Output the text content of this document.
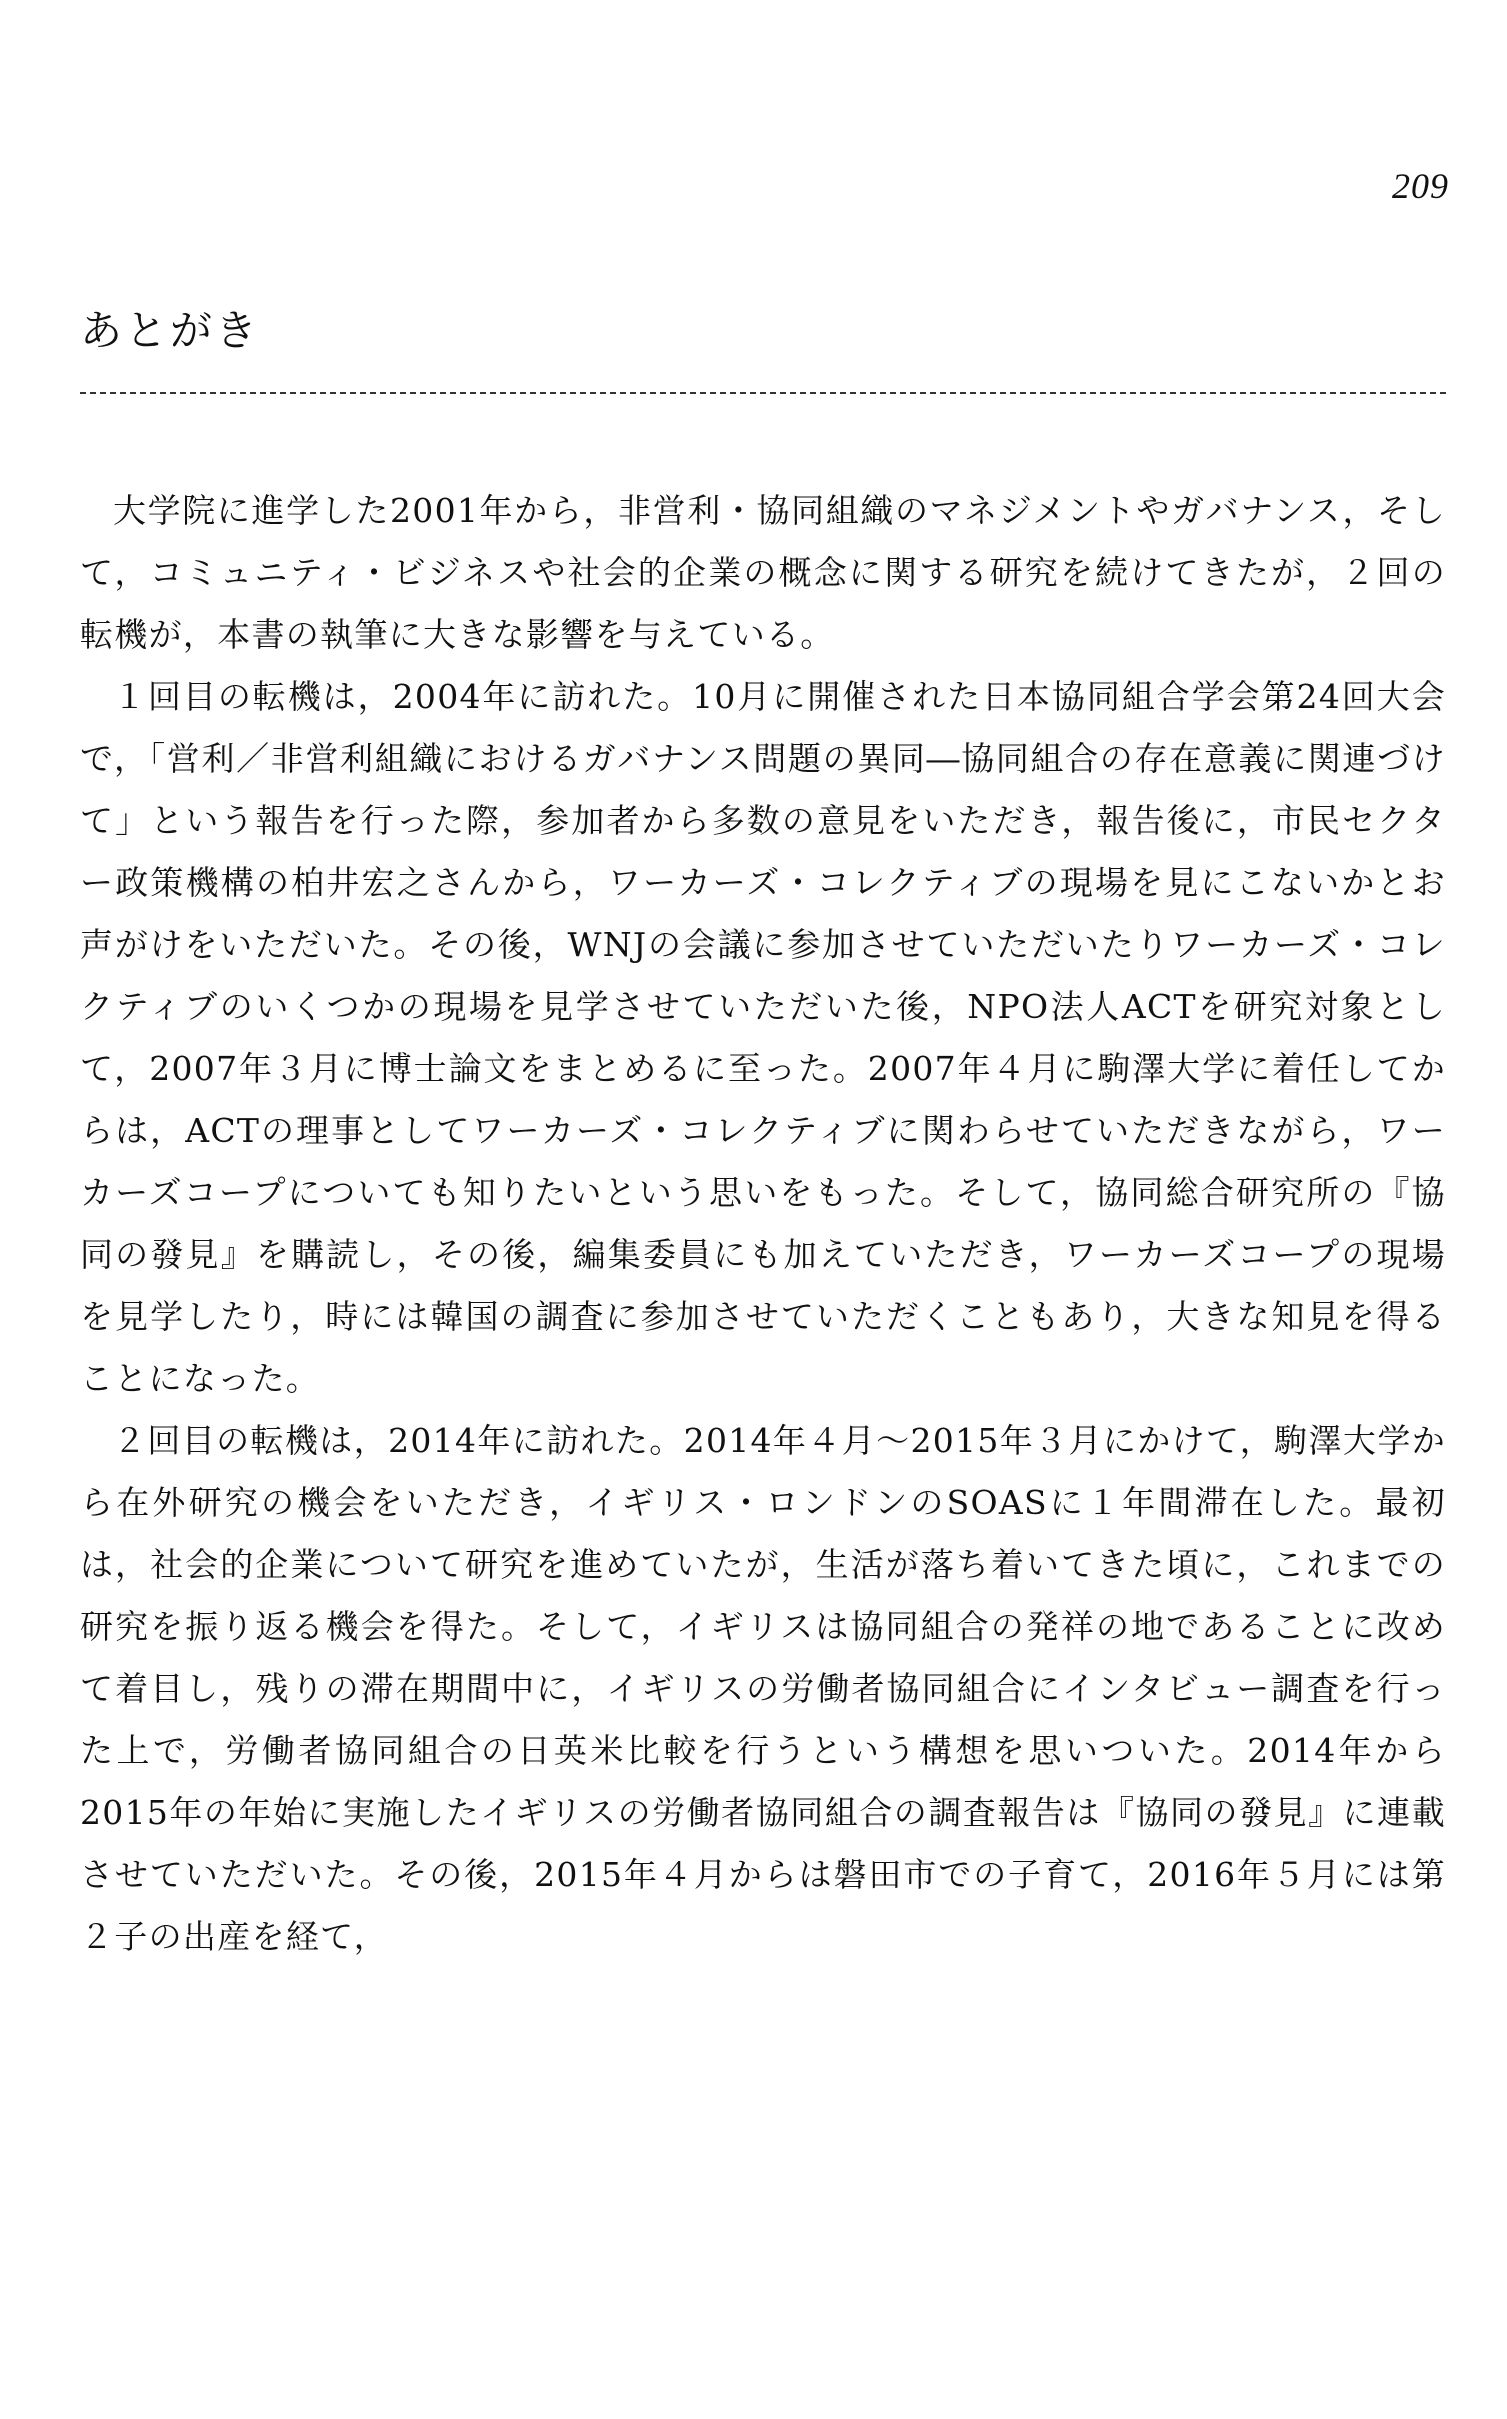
209
あとがき

大学院に進学した2001年から，非営利・協同組織のマネジメントやガバナンス，そして，コミュニティ・ビジネスや社会的企業の概念に関する研究を続けてきたが，２回の転機が，本書の執筆に大きな影響を与えている。

１回目の転機は，2004年に訪れた。10月に開催された日本協同組合学会第24回大会で，「営利／非営利組織におけるガバナンス問題の異同―協同組合の存在意義に関連づけて」という報告を行った際，参加者から多数の意見をいただき，報告後に，市民セクター政策機構の柏井宏之さんから，ワーカーズ・コレクティブの現場を見にこないかとお声がけをいただいた。その後，WNJの会議に参加させていただいたりワーカーズ・コレクティブのいくつかの現場を見学させていただいた後，NPO法人ACTを研究対象として，2007年３月に博士論文をまとめるに至った。2007年４月に駒澤大学に着任してからは，ACTの理事としてワーカーズ・コレクティブに関わらせていただきながら，ワーカーズコープについても知りたいという思いをもった。そして，協同総合研究所の『協同の發見』を購読し，その後，編集委員にも加えていただき，ワーカーズコープの現場を見学したり，時には韓国の調査に参加させていただくこともあり，大きな知見を得ることになった。

２回目の転機は，2014年に訪れた。2014年４月～2015年３月にかけて，駒澤大学から在外研究の機会をいただき，イギリス・ロンドンのSOASに１年間滞在した。最初は，社会的企業について研究を進めていたが，生活が落ち着いてきた頃に，これまでの研究を振り返る機会を得た。そして，イギリスは協同組合の発祥の地であることに改めて着目し，残りの滞在期間中に，イギリスの労働者協同組合にインタビュー調査を行った上で，労働者協同組合の日英米比較を行うという構想を思いついた。2014年から2015年の年始に実施したイギリスの労働者協同組合の調査報告は『協同の發見』に連載させていただいた。その後，2015年４月からは磐田市での子育て，2016年５月には第２子の出産を経て，
